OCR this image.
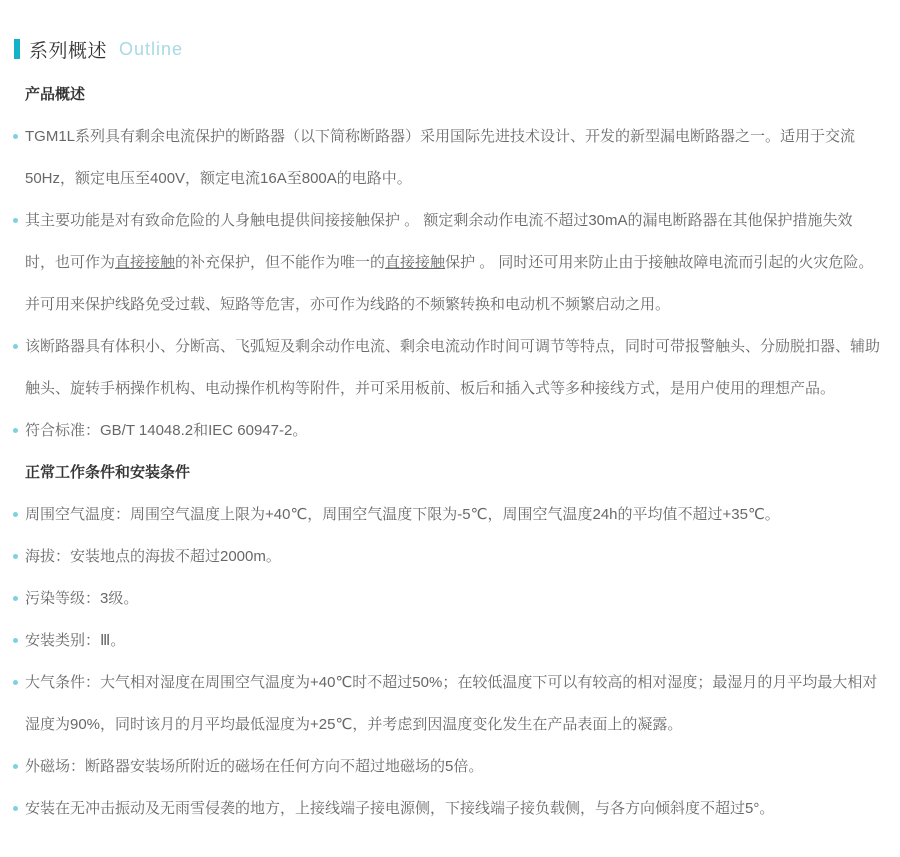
系列概述 Outline
产品概述
TGM1L系列具有剩余电流保护的断路器（以下简称断路器）采用国际先进技术设计、开发的新型漏电断路器之一。适用于交流50Hz，额定电压至400V，额定电流16A至800A的电路中。
其主要功能是对有致命危险的人身触电提供间接接触保护 。 额定剩余动作电流不超过30mA的漏电断路器在其他保护措施失效时，也可作为直接接触的补充保护，但不能作为唯一的直接接触保护 。 同时还可用来防止由于接触故障电流而引起的火灾危险。并可用来保护线路免受过载、短路等危害，亦可作为线路的不频繁转换和电动机不频繁启动之用。
该断路器具有体积小、分断高、飞弧短及剩余动作电流、剩余电流动作时间可调节等特点，同时可带报警触头、分励脱扣器、辅助触头、旋转手柄操作机构、电动操作机构等附件，并可采用板前、板后和插入式等多种接线方式，是用户使用的理想产品。
符合标准：GB/T 14048.2和IEC 60947-2。
正常工作条件和安装条件
周围空气温度：周围空气温度上限为+40℃，周围空气温度下限为-5℃，周围空气温度24h的平均值不超过+35℃。
海拔：安装地点的海拔不超过2000m。
污染等级：3级。
安装类别：Ⅲ。
大气条件：大气相对湿度在周围空气温度为+40℃时不超过50%；在较低温度下可以有较高的相对湿度；最湿月的月平均最大相对湿度为90%，同时该月的月平均最低湿度为+25℃，并考虑到因温度变化发生在产品表面上的凝露。
外磁场：断路器安装场所附近的磁场在任何方向不超过地磁场的5倍。
安装在无冲击振动及无雨雪侵袭的地方，上接线端子接电源侧，下接线端子接负载侧，与各方向倾斜度不超过5°。
